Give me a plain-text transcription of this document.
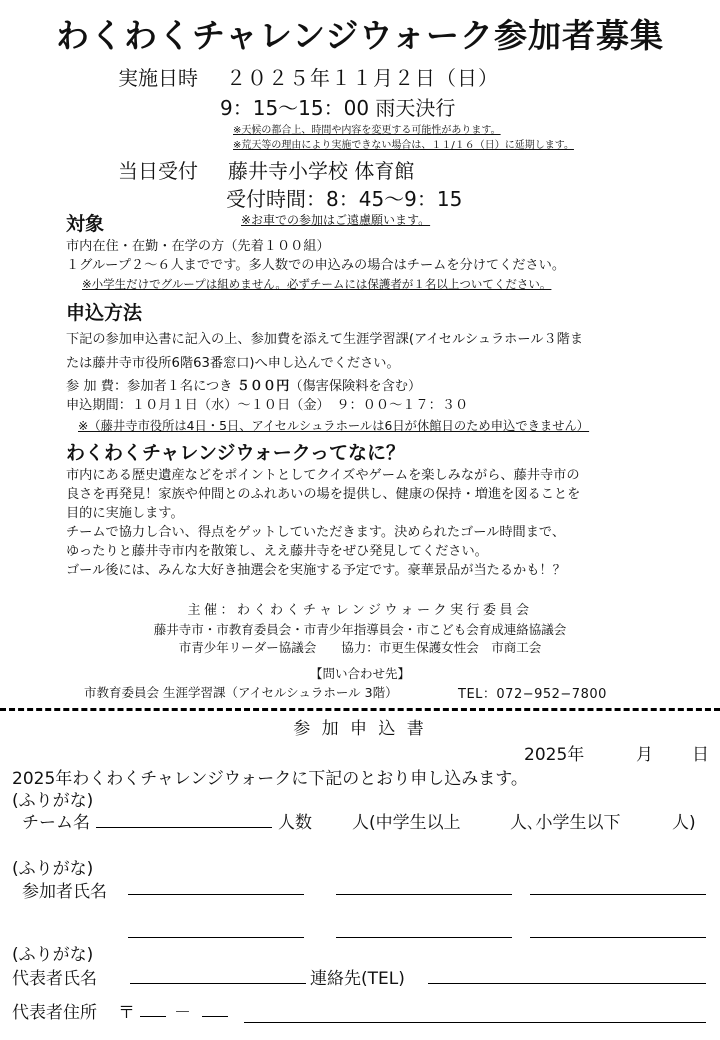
わくわくチャレンジウォーク参加者募集
実施日時 ２０２５年１１月２日（日）
9：15～15：00 雨天決行
※天候の都合上、時間や内容を変更する可能性があります。
※荒天等の理由により実施できない場合は、１１/１６（日）に延期します。
当日受付 藤井寺小学校 体育館
受付時間：8：45～9：15
※お車での参加はご遠慮願います。
対象
市内在住・在勤・在学の方（先着１００組）
１グループ２～６人までです。多人数での申込みの場合はチームを分けてください。
※小学生だけでグループは組めません。必ずチームには保護者が１名以上ついてください。
申込方法
下記の参加申込書に記入の上、参加費を添えて生涯学習課(アイセルシュラホール３階ま
たは藤井寺市役所6階63番窓口)へ申し込んでください。
参 加 費：参加者１名につき ５００円（傷害保険料を含む）
申込期間：１０月１日（水）～１０日（金）　９：００～１７：３０
※（藤井寺市役所は4日・5日、アイセルシュラホールは6日が休館日のため申込できません）
わくわくチャレンジウォークってなに？
市内にある歴史遺産などをポイントとしてクイズやゲームを楽しみながら、藤井寺市の
良さを再発見！家族や仲間とのふれあいの場を提供し、健康の保持・増進を図ることを
目的に実施します。
チームで協力し合い、得点をゲットしていただきます。決められたゴール時間まで、
ゆったりと藤井寺市内を散策し、ええ藤井寺をぜひ発見してください。
ゴール後には、みんな大好き抽選会を実施する予定です。豪華景品が当たるかも！？
主催：わくわくチャレンジウォーク実行委員会
藤井寺市・市教育委員会・市青少年指導員会・市こども会育成連絡協議会
市青少年リーダー協議会　　協力：市更生保護女性会　市商工会
【問い合わせ先】
市教育委員会 生涯学習課（アイセルシュラホール 3階）	TEL：072−952−7800
参 加 申 込 書
2025年	月 日
2025年わくわくチャレンジウォークに下記のとおり申し込みます。
(ふりがな)
チーム名	人数 人(中学生以上	人､小学生以下	人)
(ふりがな)
参加者氏名
(ふりがな)
代表者氏名	連絡先(TEL)
代表者住所 〒 －
